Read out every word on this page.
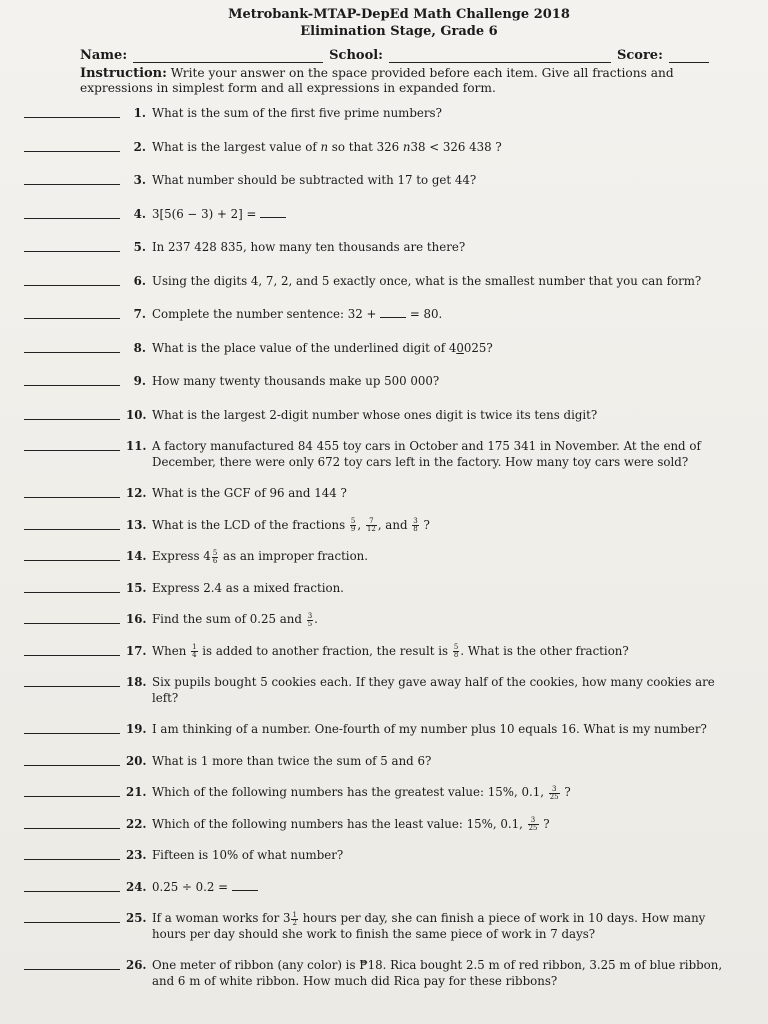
Metrobank-MTAP-DepEd Math Challenge 2018
Elimination Stage, Grade 6
Name:	School:	Score:
Instruction: Write your answer on the space provided before each item. Give all fractions and expressions in simplest form and all expressions in expanded form.
1. What is the sum of the first five prime numbers?
2. What is the largest value of n so that 326 n38 < 326 438 ?
3. What number should be subtracted with 17 to get 44?
4. 3[5(6 − 3) + 2] =
5. In 237 428 835, how many ten thousands are there?
6. Using the digits 4, 7, 2, and 5 exactly once, what is the smallest number that you can form?
7. Complete the number sentence: 32 +  = 80.
8. What is the place value of the underlined digit of 40025?
9. How many twenty thousands make up 500 000?
10. What is the largest 2-digit number whose ones digit is twice its tens digit?
11. A factory manufactured 84 455 toy cars in October and 175 341 in November. At the end of December, there were only 672 toy cars left in the factory. How many toy cars were sold?
12. What is the GCF of 96 and 144 ?
13. What is the LCD of the fractions $\frac{5}{9}$ , $\frac{7}{12}$ , and $\frac{3}{8}$ ?
14. Express $4 \frac{5}{6}$ as an improper fraction.
15. Express 2.4 as a mixed fraction.
16. Find the sum of 0.25 and $\frac{3}{5}$ .
17. When $\frac{1}{4}$ is added to another fraction, the result is $\frac{5}{8}$ . What is the other fraction?
18. Six pupils bought 5 cookies each. If they gave away half of the cookies, how many cookies are left?
19. I am thinking of a number. One-fourth of my number plus 10 equals 16. What is my number?
20. What is 1 more than twice the sum of 5 and 6?
21. Which of the following numbers has the greatest value: 15%, 0.1, $\frac{3}{25}$ ?
22. Which of the following numbers has the least value: 15%, 0.1, $\frac{3}{25}$ ?
23. Fifteen is 10% of what number?
24. 0.25 ÷ 0.2 =
25. If a woman works for $3 \frac{1}{2}$ hours per day, she can finish a piece of work in 10 days. How many hours per day should she work to finish the same piece of work in 7 days?
26. One meter of ribbon (any color) is ₱18. Rica bought 2.5 m of red ribbon, 3.25 m of blue ribbon, and 6 m of white ribbon. How much did Rica pay for these ribbons?
